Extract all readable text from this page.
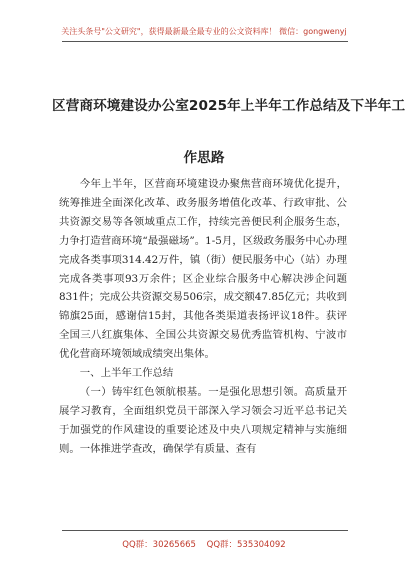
关注头条号"公文研究"，获得最新最全最专业的公文资料库！ 微信：gongwenyj
区营商环境建设办公室2025年上半年工作总结及下半年工
作思路

今年上半年，区营商环境建设办聚焦营商环境优化提升，统筹推进全面深化改革、政务服务增值化改革、行政审批、公共资源交易等各领域重点工作，持续完善便民利企服务生态，力争打造营商环境“最强磁场”。1-5月，区级政务服务中心办理完成各类事项314.42万件，镇（街）便民服务中心（站）办理完成各类事项93万余件；区企业综合服务中心解决涉企问题831件；完成公共资源交易506宗，成交额47.85亿元；共收到锦旗25面，感谢信15封，其他各类渠道表扬评议18件。获评全国三八红旗集体、全国公共资源交易优秀监管机构、宁波市优化营商环境领域成绩突出集体。

一、上半年工作总结

（一）铸牢红色领航根基。一是强化思想引领。高质量开展学习教育，全面组织党员干部深入学习领会习近平总书记关于加强党的作风建设的重要论述及中央八项规定精神与实施细则。一体推进学查改，确保学有质量、查有

QQ群：30265665 QQ群：535304092
